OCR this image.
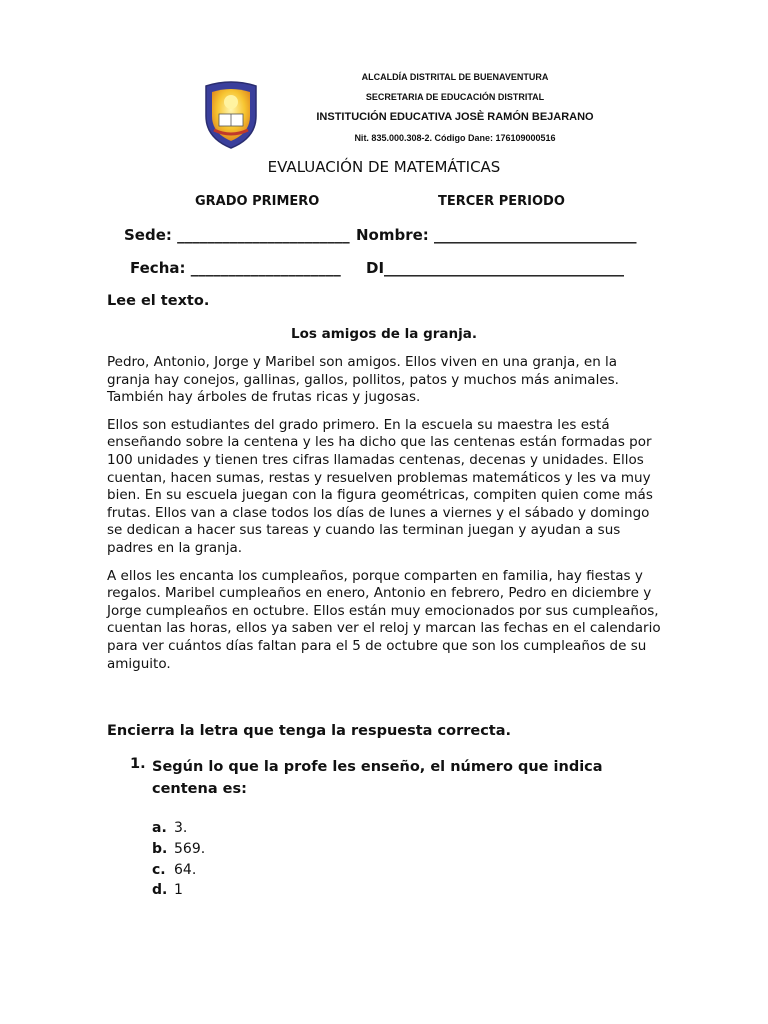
ALCALDÍA DISTRITAL DE BUENAVENTURA
SECRETARIA DE EDUCACIÓN DISTRITAL
INSTITUCIÓN EDUCATIVA JOSÈ RAMÓN BEJARANO
Nit. 835.000.308-2. Código Dane: 176109000516
EVALUACIÓN DE MATEMÁTICAS
GRADO PRIMERO	TERCER PERIODO
Sede: _______________________ Nombre: ___________________________
Fecha: ____________________ DI________________________________
Lee el texto.
Los amigos de la granja.

Pedro, Antonio, Jorge y Maribel son amigos. Ellos viven en una granja, en la granja hay conejos, gallinas, gallos, pollitos, patos y muchos más animales. También hay árboles de frutas ricas y jugosas.

Ellos son estudiantes del grado primero. En la escuela su maestra les está enseñando sobre la centena y les ha dicho que las centenas están formadas por 100 unidades y tienen tres cifras llamadas centenas, decenas y unidades. Ellos cuentan, hacen sumas, restas y resuelven problemas matemáticos y les va muy bien. En su escuela juegan con la figura geométricas, compiten quien come más frutas. Ellos van a clase todos los días de lunes a viernes y el sábado y domingo se dedican a hacer sus tareas y cuando las terminan juegan y ayudan a sus padres en la granja.

A ellos les encanta los cumpleaños, porque comparten en familia, hay fiestas y regalos. Maribel cumpleaños en enero, Antonio en febrero, Pedro en diciembre y Jorge cumpleaños en octubre. Ellos están muy emocionados por sus cumpleaños, cuentan las horas, ellos ya saben ver el reloj y marcan las fechas en el calendario para ver cuántos días faltan para el 5 de octubre que son los cumpleaños de su amiguito.

Encierra la letra que tenga la respuesta correcta.
1. Según lo que la profe les enseño, el número que indica centena es:
a. 3.
b. 569.
c. 64.
d. 1
